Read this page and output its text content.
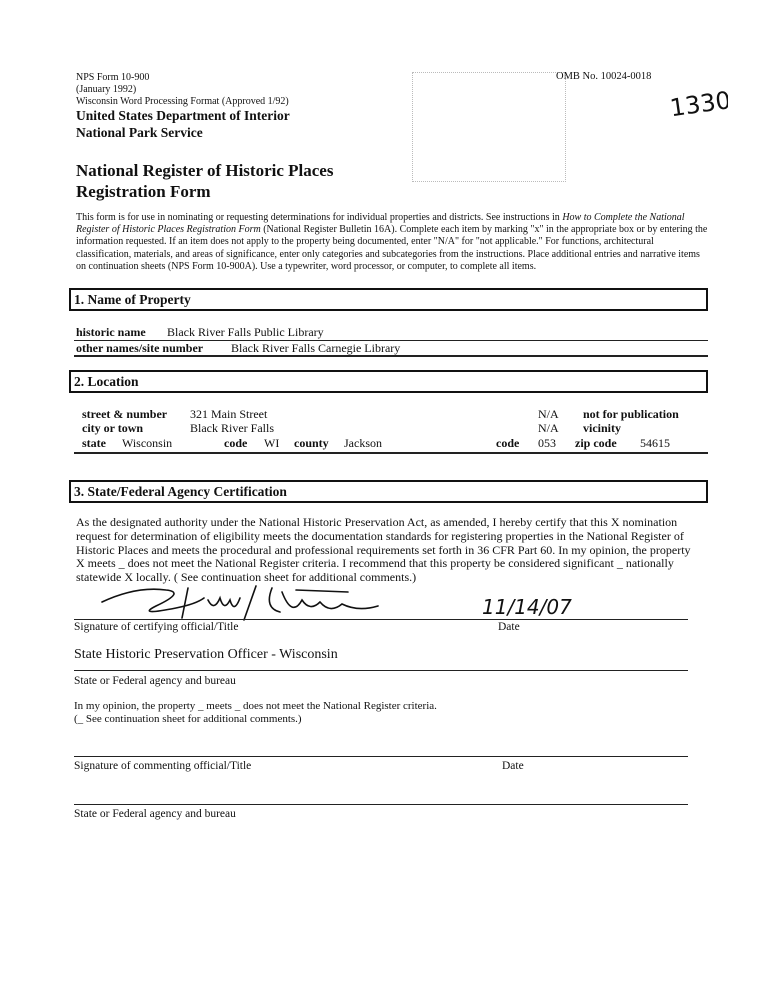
NPS Form 10-900
(January 1992)
Wisconsin Word Processing Format (Approved 1/92)
United States Department of Interior
National Park Service
OMB No. 10024-0018
1330
National Register of Historic Places
Registration Form
This form is for use in nominating or requesting determinations for individual properties and districts. See instructions in How to Complete the National Register of Historic Places Registration Form (National Register Bulletin 16A). Complete each item by marking "x" in the appropriate box or by entering the information requested. If an item does not apply to the property being documented, enter "N/A" for "not applicable." For functions, architectural classification, materials, and areas of significance, enter only categories and subcategories from the instructions. Place additional entries and narrative items on continuation sheets (NPS Form 10-900A). Use a typewriter, word processor, or computer, to complete all items.
1. Name of Property
historic name Black River Falls Public Library
other names/site number Black River Falls Carnegie Library
2. Location
street & number 321 Main Street	N/A not for publication
city or town	Black River Falls	N/A vicinity
state Wisconsin	code WI county Jackson	code 053 zip code 54615
3. State/Federal Agency Certification
As the designated authority under the National Historic Preservation Act, as amended, I hereby certify that this X nomination request for determination of eligibility meets the documentation standards for registering properties in the National Register of Historic Places and meets the procedural and professional requirements set forth in 36 CFR Part 60. In my opinion, the property X meets _ does not meet the National Register criteria. I recommend that this property be considered significant _ nationally statewide X locally. ( See continuation sheet for additional comments.)
11/14/07
Signature of certifying official/Title	Date
State Historic Preservation Officer - Wisconsin
State or Federal agency and bureau
In my opinion, the property _ meets _ does not meet the National Register criteria.
(_ See continuation sheet for additional comments.)
Signature of commenting official/Title	Date
State or Federal agency and bureau
